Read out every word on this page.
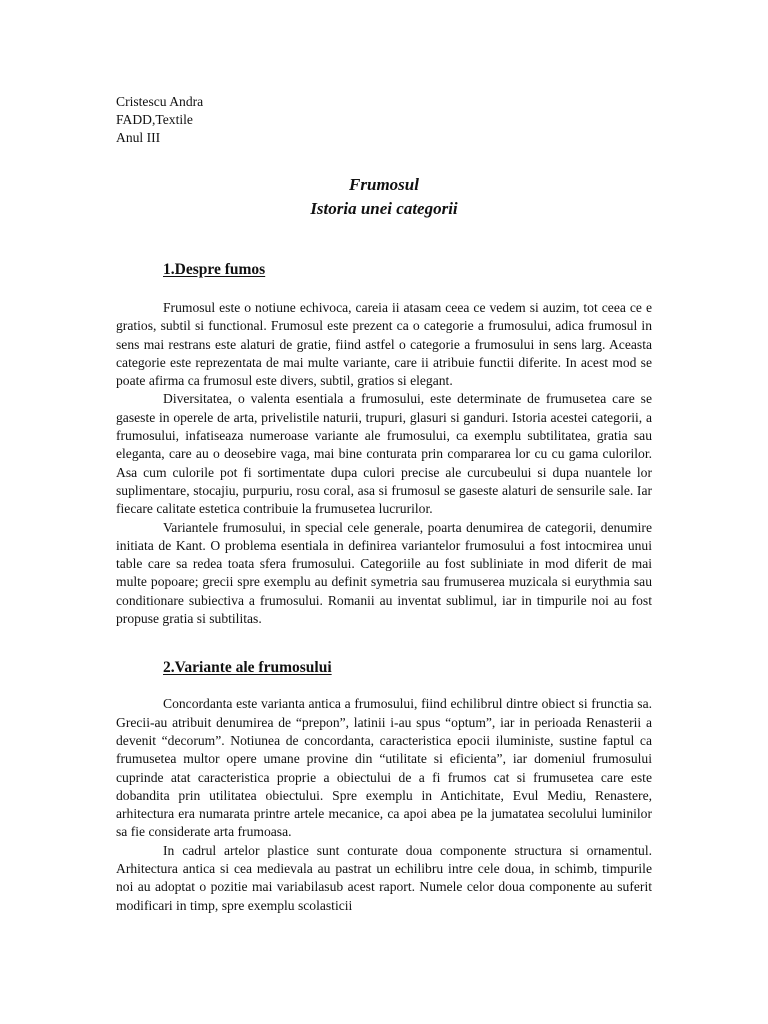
Cristescu Andra
FADD,Textile
Anul III
Frumosul
Istoria unei categorii
1.Despre fumos

Frumosul este o notiune echivoca, careia ii atasam ceea ce vedem si auzim, tot ceea ce e gratios, subtil si functional. Frumosul este prezent ca o categorie a frumosului, adica frumosul in sens mai restrans este alaturi de gratie, fiind astfel o categorie a frumosului in sens larg. Aceasta categorie este reprezentata de mai multe variante, care ii atribuie functii diferite. In acest mod se poate afirma ca frumosul este divers, subtil, gratios si elegant.

Diversitatea, o valenta esentiala a frumosului, este determinate de frumusetea care se gaseste in operele de arta, privelistile naturii, trupuri, glasuri si ganduri. Istoria acestei categorii, a frumosului, infatiseaza numeroase variante ale frumosului, ca exemplu subtilitatea, gratia sau eleganta, care au o deosebire vaga, mai bine conturata prin compararea lor cu cu gama culorilor. Asa cum culorile pot fi sortimentate dupa culori precise ale curcubeului si dupa nuantele lor suplimentare, stocajiu, purpuriu, rosu coral, asa si frumosul se gaseste alaturi de sensurile sale. Iar fiecare calitate estetica contribuie la frumusetea lucrurilor.

Variantele frumosului, in special cele generale, poarta denumirea de categorii, denumire initiata de Kant. O problema esentiala in definirea variantelor frumosului a fost intocmirea unui table care sa redea toata sfera frumosului. Categoriile au fost subliniate in mod diferit de mai multe popoare; grecii spre exemplu au definit symetria sau frumuserea muzicala si eurythmia sau conditionare subiectiva a frumosului. Romanii au inventat sublimul, iar in timpurile noi au fost propuse gratia si subtilitas.

2.Variante ale frumosului

Concordanta este varianta antica a frumosului, fiind echilibrul dintre obiect si frunctia sa. Grecii-au atribuit denumirea de “prepon”, latinii i-au spus “optum”, iar in perioada Renasterii a devenit “decorum”. Notiunea de concordanta, caracteristica epocii iluministe, sustine faptul ca frumusetea multor opere umane provine din “utilitate si eficienta”, iar domeniul frumosului cuprinde atat caracteristica proprie a obiectului de a fi frumos cat si frumusetea care este dobandita prin utilitatea obiectului. Spre exemplu in Antichitate, Evul Mediu, Renastere, arhitectura era numarata printre artele mecanice, ca apoi abea pe la jumatatea secolului luminilor sa fie considerate arta frumoasa.

In cadrul artelor plastice sunt conturate doua componente structura si ornamentul. Arhitectura antica si cea medievala au pastrat un echilibru intre cele doua, in schimb, timpurile noi au adoptat o pozitie mai variabilasub acest raport. Numele celor doua componente au suferit modificari in timp, spre exemplu scolasticii
